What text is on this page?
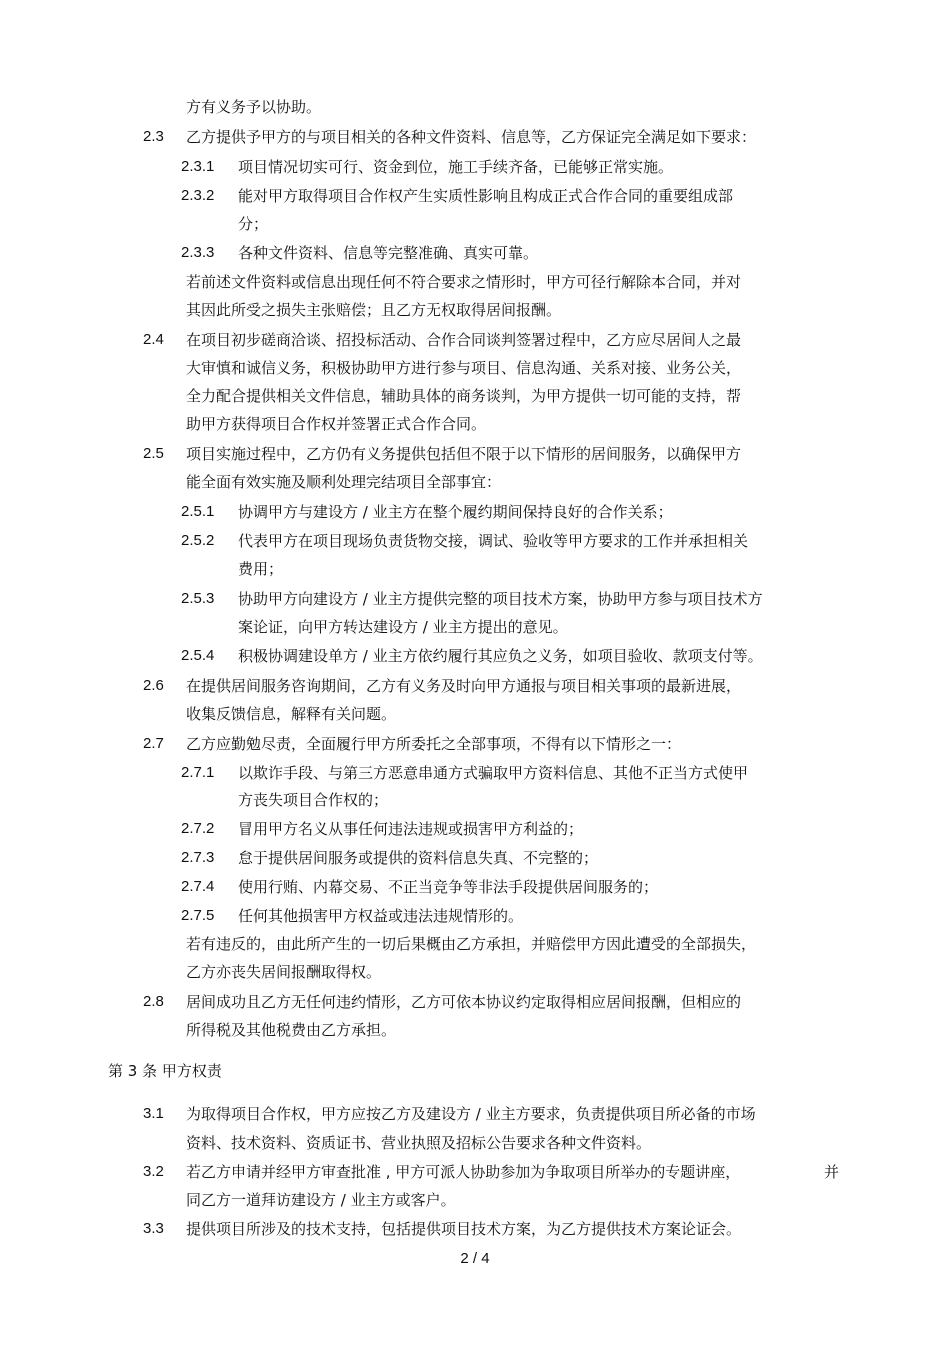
方有义务予以协助。
2.3 乙方提供予甲方的与项目相关的各种文件资料、信息等，乙方保证完全满足如下要求：
2.3.1 项目情况切实可行、资金到位，施工手续齐备，已能够正常实施。
2.3.2 能对甲方取得项目合作权产生实质性影响且构成正式合作合同的重要组成部
分；
2.3.3 各种文件资料、信息等完整准确、真实可靠。
若前述文件资料或信息出现任何不符合要求之情形时，甲方可径行解除本合同，并对
其因此所受之损失主张赔偿；且乙方无权取得居间报酬。
2.4 在项目初步磋商洽谈、招投标活动、合作合同谈判签署过程中，乙方应尽居间人之最
大审慎和诚信义务，积极协助甲方进行参与项目、信息沟通、关系对接、业务公关，
全力配合提供相关文件信息，辅助具体的商务谈判，为甲方提供一切可能的支持，帮
助甲方获得项目合作权并签署正式合作合同。
2.5 项目实施过程中，乙方仍有义务提供包括但不限于以下情形的居间服务，以确保甲方
能全面有效实施及顺利处理完结项目全部事宜：
2.5.1 协调甲方与建设方 / 业主方在整个履约期间保持良好的合作关系；
2.5.2 代表甲方在项目现场负责货物交接，调试、验收等甲方要求的工作并承担相关
费用；
2.5.3 协助甲方向建设方 / 业主方提供完整的项目技术方案，协助甲方参与项目技术方
案论证，向甲方转达建设方 / 业主方提出的意见。
2.5.4 积极协调建设单方 / 业主方依约履行其应负之义务，如项目验收、款项支付等。
2.6 在提供居间服务咨询期间，乙方有义务及时向甲方通报与项目相关事项的最新进展，
收集反馈信息，解释有关问题。
2.7 乙方应勤勉尽责，全面履行甲方所委托之全部事项，不得有以下情形之一：
2.7.1 以欺诈手段、与第三方恶意串通方式骗取甲方资料信息、其他不正当方式使甲
方丧失项目合作权的；
2.7.2 冒用甲方名义从事任何违法违规或损害甲方利益的；
2.7.3 怠于提供居间服务或提供的资料信息失真、不完整的；
2.7.4 使用行贿、内幕交易、不正当竞争等非法手段提供居间服务的；
2.7.5 任何其他损害甲方权益或违法违规情形的。
若有违反的，由此所产生的一切后果概由乙方承担，并赔偿甲方因此遭受的全部损失，
乙方亦丧失居间报酬取得权。
2.8 居间成功且乙方无任何违约情形，乙方可依本协议约定取得相应居间报酬，但相应的
所得税及其他税费由乙方承担。
第 3 条 甲方权责
3.1 为取得项目合作权，甲方应按乙方及建设方 / 业主方要求，负责提供项目所必备的市场
资料、技术资料、资质证书、营业执照及招标公告要求各种文件资料。
3.2 若乙方申请并经甲方审查批准 , 甲方可派人协助参加为争取项目所举办的专题讲座，	并
同乙方一道拜访建设方 / 业主方或客户。
3.3 提供项目所涉及的技术支持，包括提供项目技术方案，为乙方提供技术方案论证会。
2 / 4
